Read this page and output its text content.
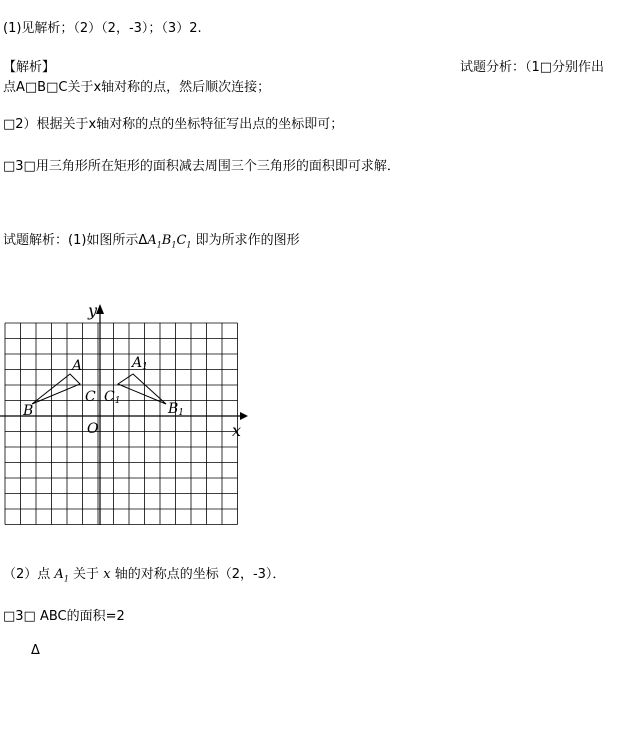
(1)见解析；（2）（2，-3）；（3）2.
【解析】	试题分析：（1□分别作出
点A□B□C关于x轴对称的点，然后顺次连接；
□2）根据关于x轴对称的点的坐标特征写出点的坐标即可；
□3□用三角形所在矩形的面积减去周围三个三角形的面积即可求解．
试题解析：(1)如图所示$\Delta A_1B_1C_1$ 即为所求作的图形
y
x
O
A
B
C
A1
C1	B1
（2）点 $A_1$ 关于 x 轴的对称点的坐标（2，-3）．
□3□ ABC的面积=2
Δ
